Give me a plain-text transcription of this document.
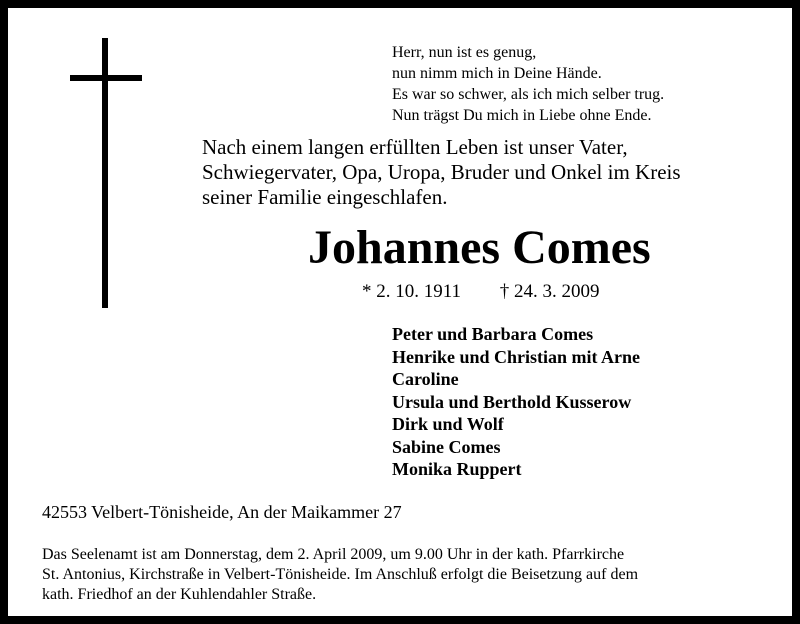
Herr, nun ist es genug,
nun nimm mich in Deine Hände.
Es war so schwer, als ich mich selber trug.
Nun trägst Du mich in Liebe ohne Ende.
Nach einem langen erfüllten Leben ist unser Vater,
Schwiegervater, Opa, Uropa, Bruder und Onkel im Kreis
seiner Familie eingeschlafen.
Johannes Comes
* 2. 10. 1911 † 24. 3. 2009
Peter und Barbara Comes
Henrike und Christian mit Arne
Caroline
Ursula und Berthold Kusserow
Dirk und Wolf
Sabine Comes
Monika Ruppert
42553 Velbert-Tönisheide, An der Maikammer 27
Das Seelenamt ist am Donnerstag, dem 2. April 2009, um 9.00 Uhr in der kath. Pfarrkirche
St. Antonius, Kirchstraße in Velbert-Tönisheide. Im Anschluß erfolgt die Beisetzung auf dem
kath. Friedhof an der Kuhlendahler Straße.
